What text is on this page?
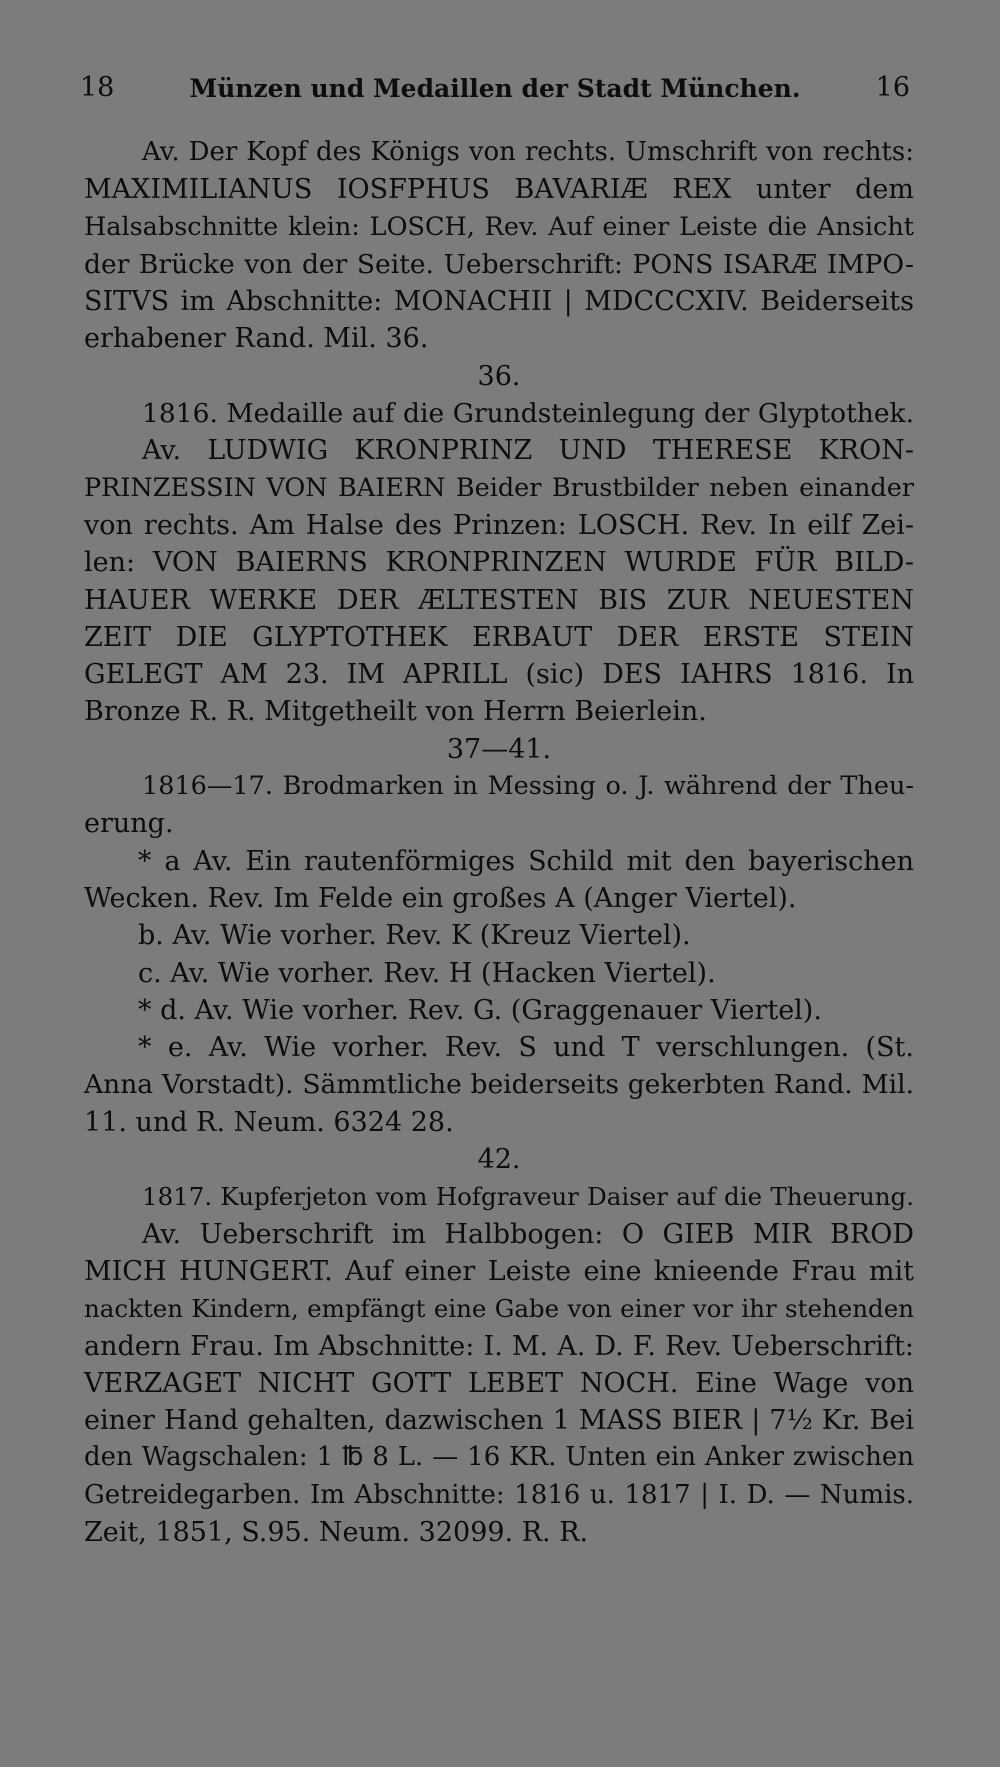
18	Münzen und Medaillen der Stadt München.	16
Av. Der Kopf des Königs von rechts. Umschrift von rechts:
MAXIMILIANUS IOSFPHUS BAVARIÆ REX unter dem
Halsabschnitte klein: LOSCH, Rev. Auf einer Leiste die Ansicht
der Brücke von der Seite. Ueberschrift: PONS ISARÆ IMPO-
SITVS im Abschnitte: MONACHII | MDCCCXIV. Beiderseits
erhabener Rand. Mil. 36.
36.
1816. Medaille auf die Grundsteinlegung der Glyptothek.
Av. LUDWIG KRONPRINZ UND THERESE KRON-
PRINZESSIN VON BAIERN Beider Brustbilder neben einander
von rechts. Am Halse des Prinzen: LOSCH. Rev. In eilf Zei-
len: VON BAIERNS KRONPRINZEN WURDE FÜR BILD-
HAUER WERKE DER ÆLTESTEN BIS ZUR NEUESTEN
ZEIT DIE GLYPTOTHEK ERBAUT DER ERSTE STEIN
GELEGT AM 23. IM APRILL (sic) DES IAHRS 1816. In
Bronze R. R. Mitgetheilt von Herrn Beierlein.
37—41.
1816—17. Brodmarken in Messing o. J. während der Theu-
erung.
* a Av. Ein rautenförmiges Schild mit den bayerischen
Wecken. Rev. Im Felde ein großes A (Anger Viertel).
b. Av. Wie vorher. Rev. K (Kreuz Viertel).
c. Av. Wie vorher. Rev. H (Hacken Viertel).
* d. Av. Wie vorher. Rev. G. (Graggenauer Viertel).
* e. Av. Wie vorher. Rev. S und T verschlungen. (St.
Anna Vorstadt). Sämmtliche beiderseits gekerbten Rand. Mil.
11. und R. Neum. 6324 28.
42.
1817. Kupferjeton vom Hofgraveur Daiser auf die Theuerung.
Av. Ueberschrift im Halbbogen: O GIEB MIR BROD
MICH HUNGERT. Auf einer Leiste eine knieende Frau mit
nackten Kindern, empfängt eine Gabe von einer vor ihr stehenden
andern Frau. Im Abschnitte: I. M. A. D. F. Rev. Ueberschrift:
VERZAGET NICHT GOTT LEBET NOCH. Eine Wage von
einer Hand gehalten, dazwischen 1 MASS BIER | 7½ Kr. Bei
den Wagschalen: 1 ℔ 8 L. — 16 KR. Unten ein Anker zwischen
Getreidegarben. Im Abschnitte: 1816 u. 1817 | I. D. — Numis.
Zeit, 1851, S.95. Neum. 32099. R. R.
